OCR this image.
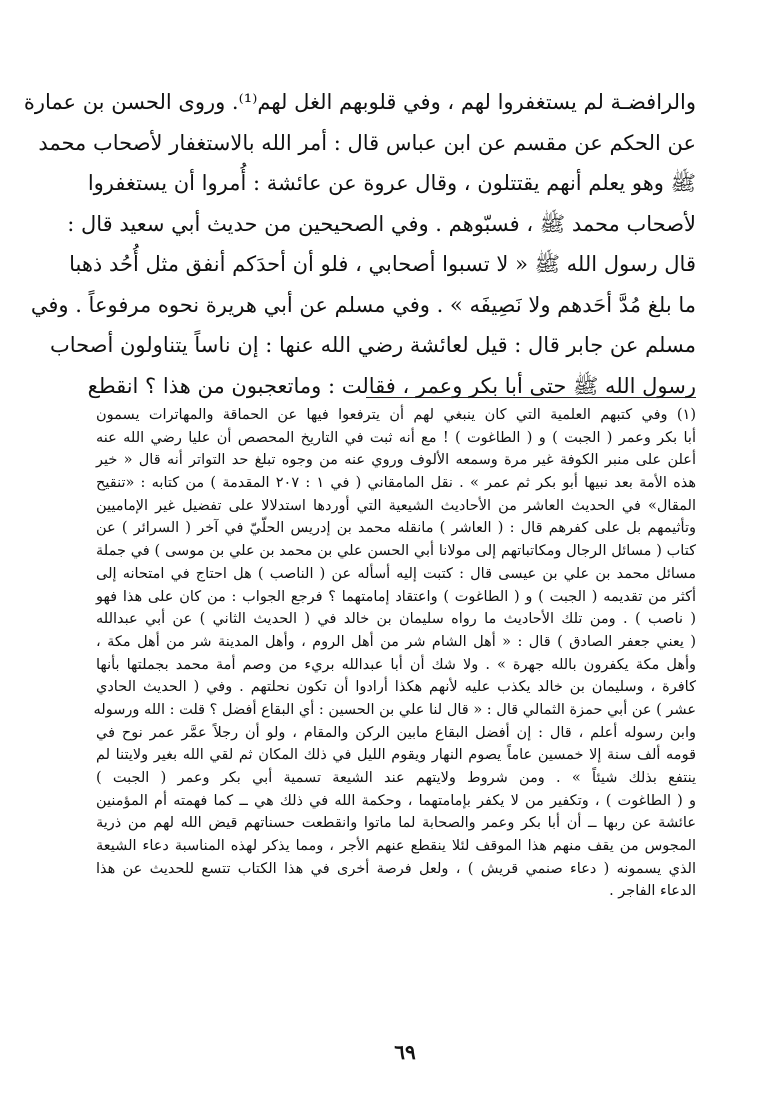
والرافضـة لم يستغفروا لهم ، وفي قلوبهم الغل لهم⁽¹⁾. وروى الحسن بن عمارة
عن الحكم عن مقسم عن ابن عباس قال : أمر الله بالاستغفار لأصحاب محمد
ﷺ وهو يعلم أنهم يقتتلون ، وقال عروة عن عائشة : أُمروا أن يستغفروا
لأصحاب محمد ﷺ ، فسبّوهم . وفي الصحيحين من حديث أبي سعيد قال :
قال رسول الله ﷺ « لا تسبوا أصحابي ، فلو أن أحدَكم أنفق مثل أُحُد ذهبا
ما بلغ مُدَّ أحَدهم ولا نَصِيفَه » . وفي مسلم عن أبي هريرة نحوه مرفوعاً . وفي
مسلم عن جابر قال : قيل لعائشة رضي الله عنها : إن ناساً يتناولون أصحاب
رسول الله ﷺ حتى أبا بكر وعمر ، فقالت : وماتعجبون من هذا ؟ انقطع
(١) وفي كتبهم العلمية التي كان ينبغي لهم أن يترفعوا فيها عن الحماقة والمهاترات يسمون
أبا بكر وعمر ( الجبت ) و ( الطاغوت ) ! مع أنه ثبت في التاريخ المحصص أن عليا رضي الله عنه
أعلن على منبر الكوفة غير مرة وسمعه الألوف وروي عنه من وجوه تبلغ حد التواتر أنه قال « خير
هذه الأمة بعد نبيها أبو بكر ثم عمر » . نقل المامقاني ( في ١ : ٢٠٧ المقدمة ) من كتابه : «تنقيح
المقال» في الحديث العاشر من الأحاديث الشيعية التي أوردها استدلالا على تفضيل غير الإماميين
وتأثيمهم بل على كفرهم قال : ( العاشر ) مانقله محمد بن إدريس الحلّيّ في آخر ( السرائر ) عن
كتاب ( مسائل الرجال ومكاتباتهم إلى مولانا أبي الحسن علي بن محمد بن علي بن موسى ) في جملة
مسائل محمد بن علي بن عيسى قال : كتبت إليه أسأله عن ( الناصب ) هل احتاج في امتحانه إلى
أكثر من تقديمه ( الجبت ) و ( الطاغوت ) واعتقاد إمامتهما ؟ فرجع الجواب : من كان على هذا فهو
( ناصب ) . ومن تلك الأحاديث ما رواه سليمان بن خالد في ( الحديث الثاني ) عن أبي عبدالله
( يعني جعفر الصادق ) قال : « أهل الشام شر من أهل الروم ، وأهل المدينة شر من أهل مكة ،
وأهل مكة يكفرون بالله جهرة » . ولا شك أن أبا عبدالله بريء من وصم أمة محمد بجملتها بأنها
كافرة ، وسليمان بن خالد يكذب عليه لأنهم هكذا أرادوا أن تكون نحلتهم . وفي ( الحديث الحادي
عشر ) عن أبي حمزة الثمالي قال : « قال لنا علي بن الحسين : أي البقاع أفضل ؟ قلت : الله ورسوله
وابن رسوله أعلم ، قال : إن أفضل البقاع مابين الركن والمقام ، ولو أن رجلاً عمَّر عمر نوح في
قومه ألف سنة إلا خمسين عاماً يصوم النهار ويقوم الليل في ذلك المكان ثم لقي الله بغير ولايتنا لم
ينتفع بذلك شيئاً » . ومن شروط ولايتهم عند الشيعة تسمية أبي بكر وعمر ( الجبت )
و ( الطاغوت ) ، وتكفير من لا يكفر بإمامتهما ، وحكمة الله في ذلك هي ــ كما فهمته أم المؤمنين
عائشة عن ربها ــ أن أبا بكر وعمر والصحابة لما ماتوا وانقطعت حسناتهم قيض الله لهم من ذرية
المجوس من يقف منهم هذا الموقف لئلا ينقطع عنهم الأجر ، ومما يذكر لهذه المناسبة دعاء الشيعة
الذي يسمونه ( دعاء صنمي قريش ) ، ولعل فرصة أخرى في هذا الكتاب تتسع للحديث عن هذا
الدعاء الفاجر .
٦٩
